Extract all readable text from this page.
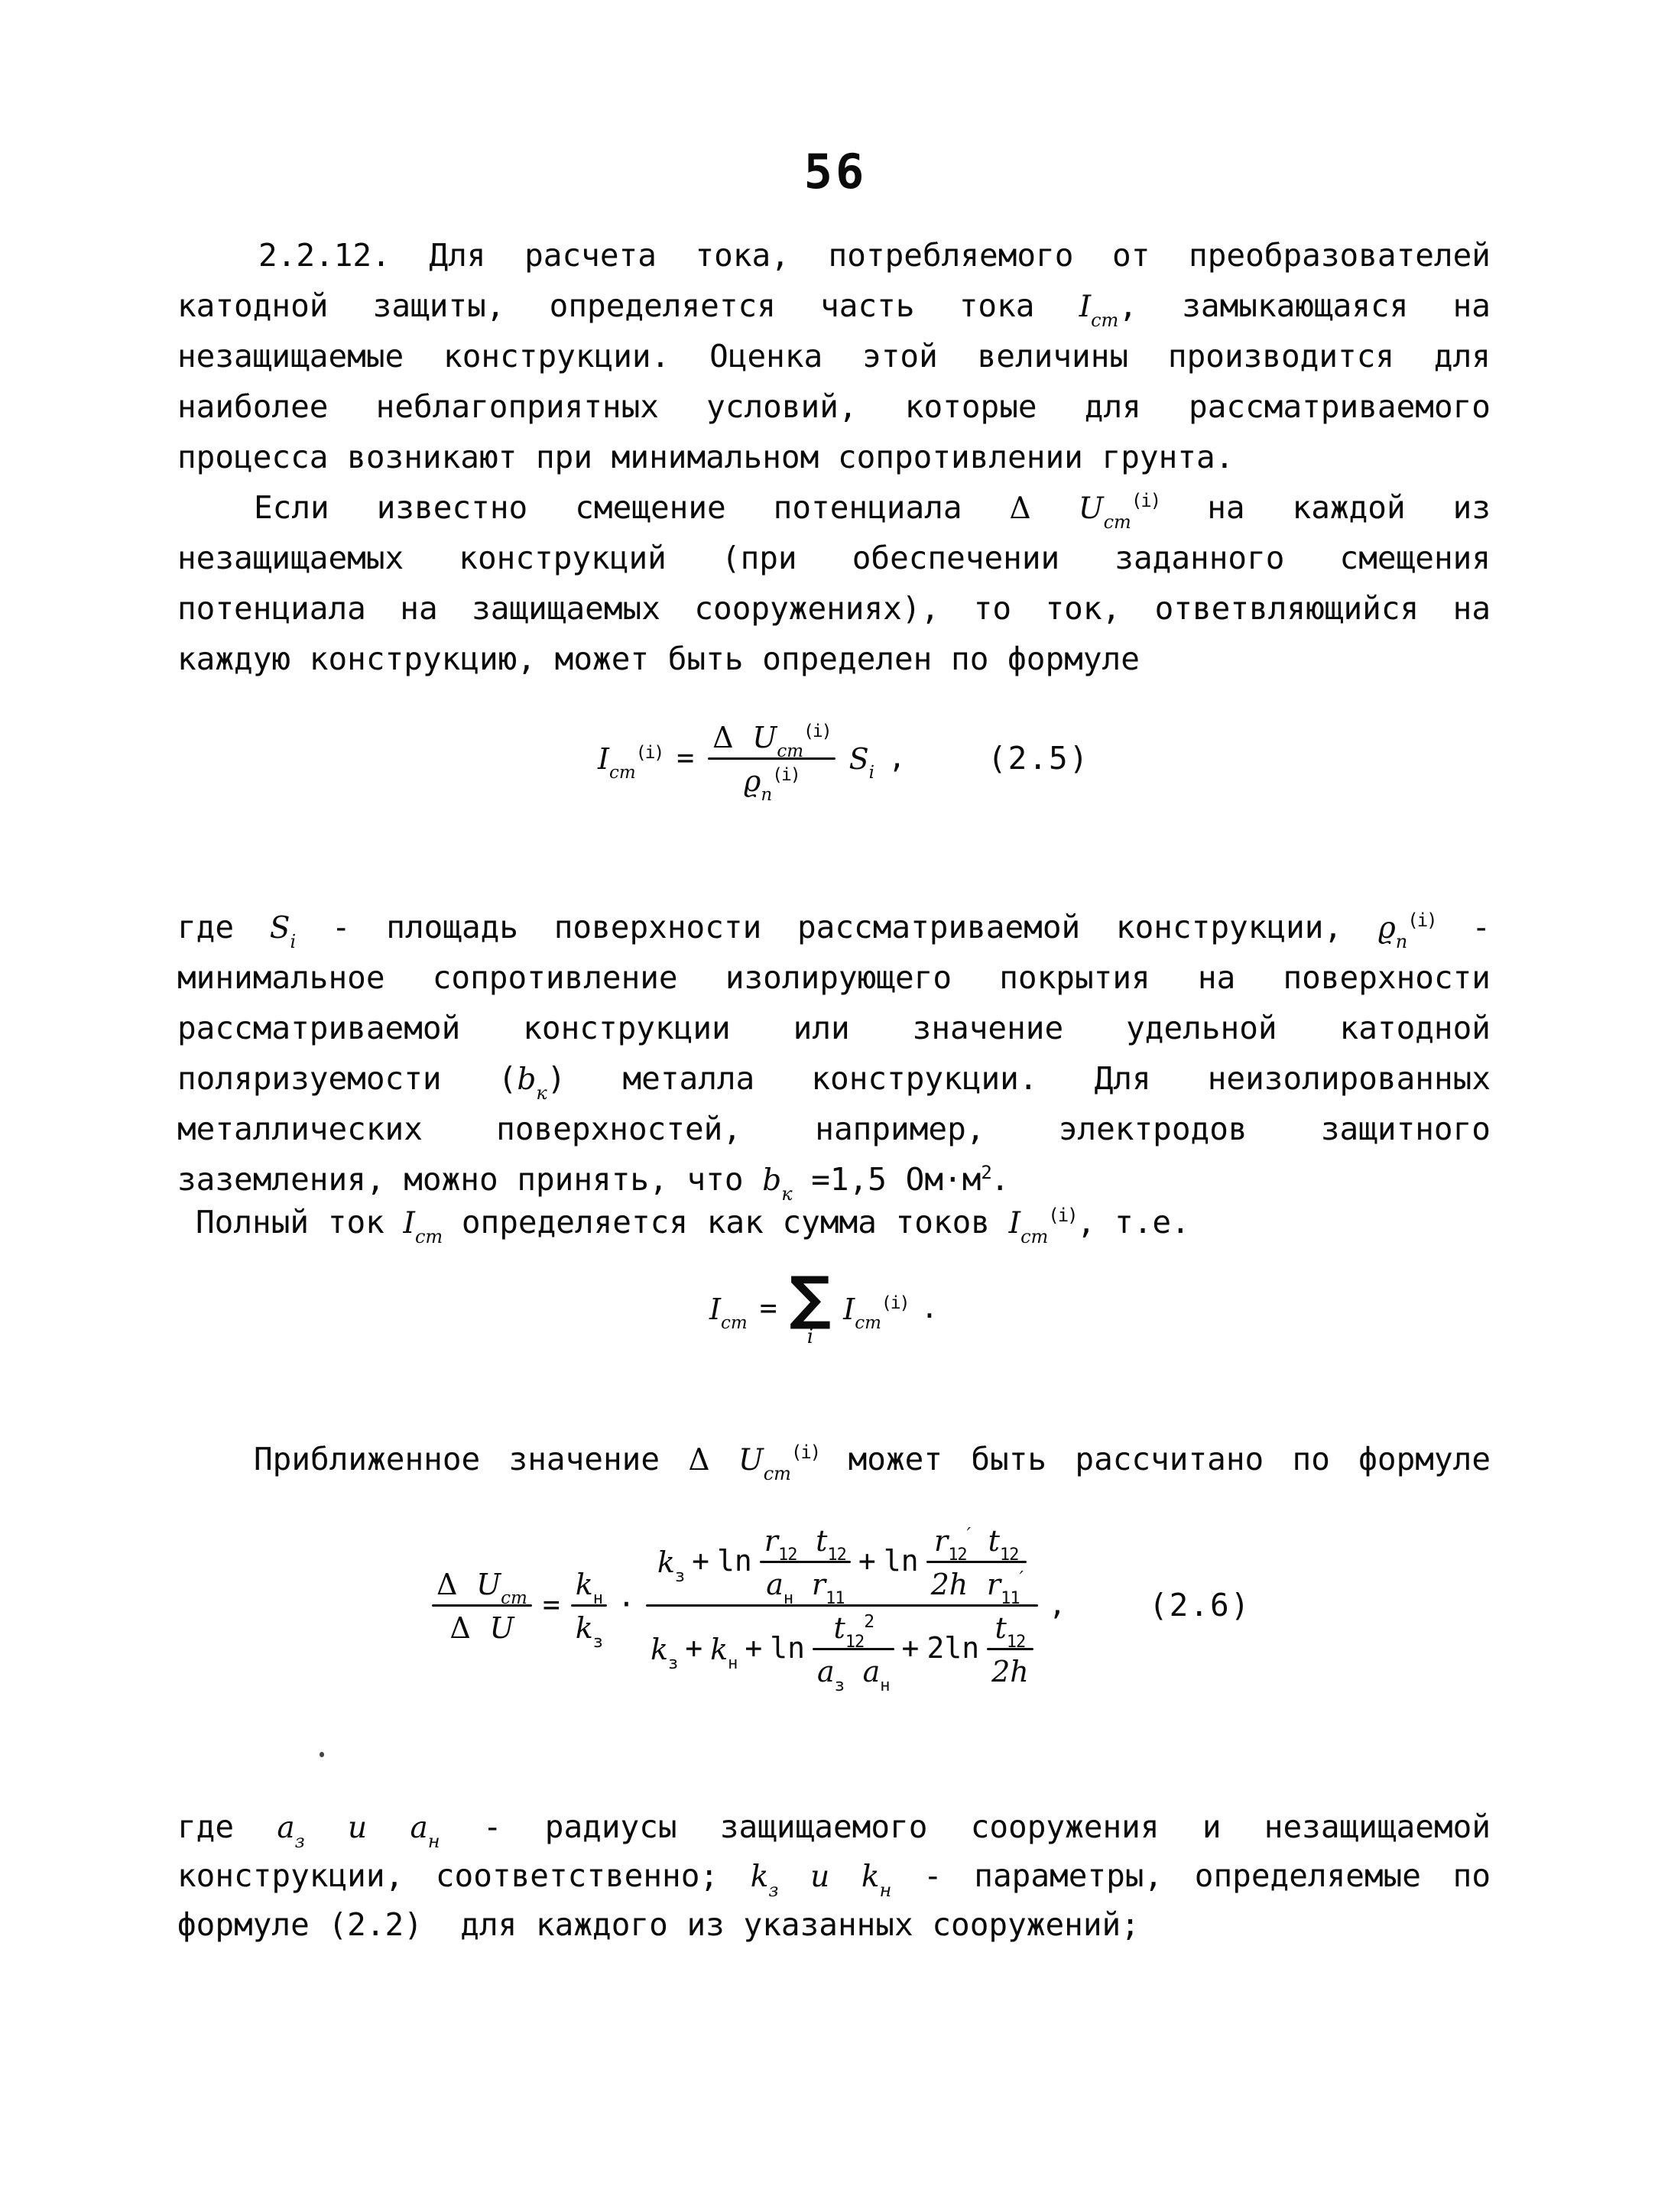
56
2.2.12. Для расчета тока, потребляемого от преобразователей
катодной защиты, определяется часть тока $I_{ст}$, замыкающаяся на
незащищаемые конструкции. Оценка этой величины производится для
наиболее неблагоприятных условий, которые для рассматриваемого
процесса возникают при минимальном сопротивлении грунта.
Если известно смещение потенциала Δ $U_{ст}^{(i)}$ на каждой из
незащищаемых конструкций (при обеспечении заданного смещения
потенциала на защищаемых сооружениях), то ток, ответвляющийся на
каждую конструкцию, может быть определен по формуле
$I_{ст}^{(i)}$ =
Δ $U_{ст}^{(i)}$
$ϱ_п^{(i)}$ $S_i$ ,	(2.5)
где $S_i$ - площадь поверхности рассматриваемой конструкции, $ϱ_п^{(i)}$ -
минимальное сопротивление изолирующего покрытия на поверхности
рассматриваемой конструкции или значение удельной катодной
поляризуемости $(b_к)$ металла конструкции. Для неизолированных
металлических поверхностей, например, электродов защитного
заземления, можно принять, что $b_к =1,5$ $Ом\cdot м^2$.
Полный ток $I_{ст}$ определяется как сумма токов $I_{ст}^{(i)}$, т.е.
$I_{ст}$ = ∑
i
$I_{ст}^{(i)}$ .
Приближенное значение Δ $U_{ст}^{(i)}$ может быть рассчитано по формуле
Δ $U_{ст}$
Δ U
=
$k_н$
$k_з$
·
$k_з + \ln$
$r_{12}$ $t_{12}$
$a_н$ $r_{11}$
+ ln
$r_{12}'$ $t_{12}$
2h $r_{11}'$
$k_з + k_н + \ln$
$t_{12}^2$
$a_з$ $a_н$
+ 2ln
$t_{12}$
2h
,	(2.6)
где $a_з$ и $a_н$ - радиусы защищаемого сооружения и незащищаемой
конструкции, соответственно; $k_з$ и $k_н$ - параметры, определяемые по
формуле (2.2)  для каждого из указанных сооружений;
